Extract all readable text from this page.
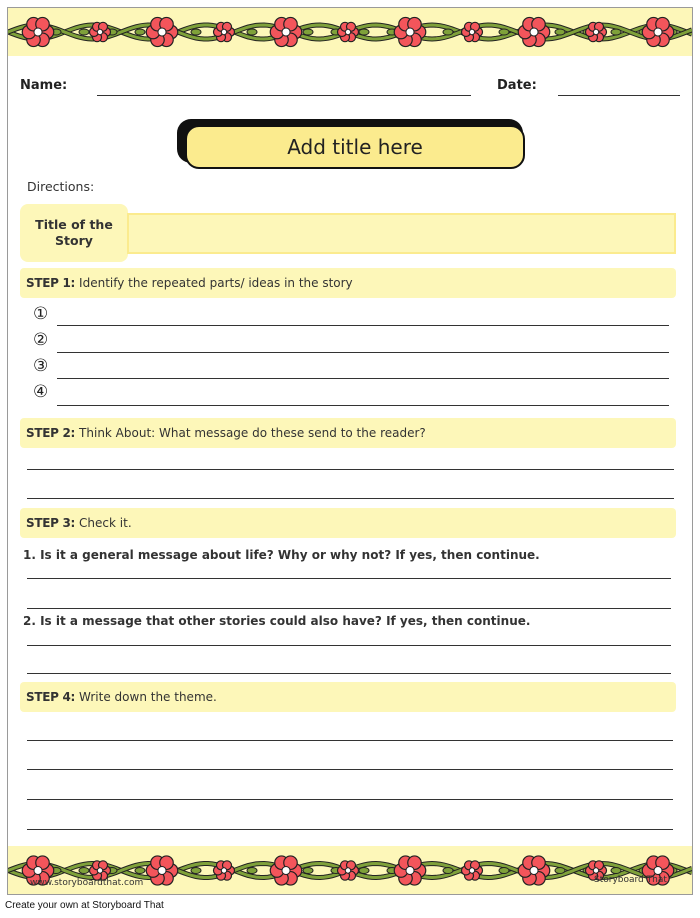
Name:	Date:
Add title here
Directions:
Title of the Story
STEP 1: Identify the repeated parts/ ideas in the story
①
②
③
④
STEP 2: Think About: What message do these send to the reader?
STEP 3: Check it.
1. Is it a general message about life? Why or why not? If yes, then continue.
2. Is it a message that other stories could also have? If yes, then continue.
STEP 4: Write down the theme.
www.storyboardthat.com	Storyboard That
Create your own at Storyboard That
